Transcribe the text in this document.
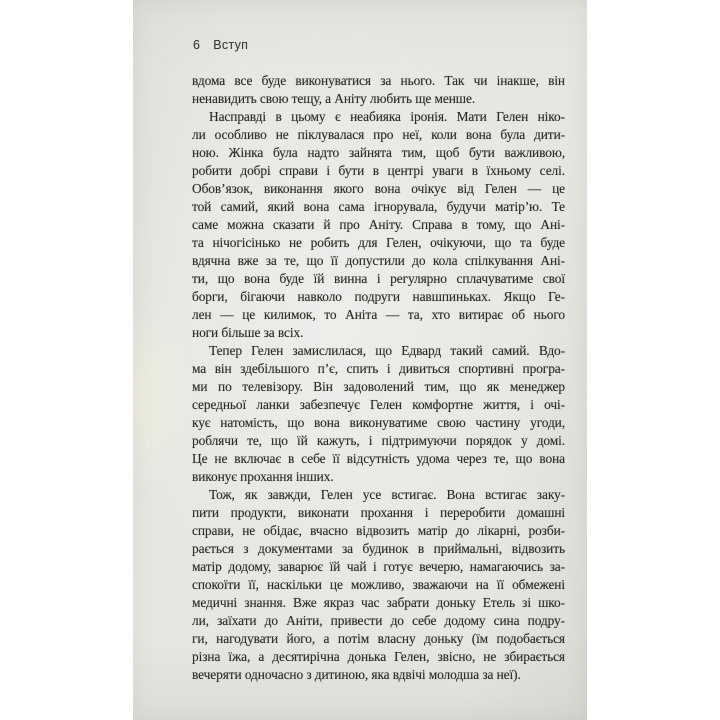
6 Вступ
вдома все буде виконуватися за нього. Так чи інакше, він
ненавидить свою тещу, а Аніту любить ще менше.
Насправді в цьому є неабияка іронія. Мати Гелен ніко-
ли особливо не піклувалася про неї, коли вона була дити-
ною. Жінка була надто зайнята тим, щоб бути важливою,
робити добрі справи і бути в центрі уваги в їхньому селі.
Обов’язок, виконання якого вона очікує від Гелен — це
той самий, який вона сама ігнорувала, будучи матір’ю. Те
саме можна сказати й про Аніту. Справа в тому, що Ані-
та нічогісінько не робить для Гелен, очікуючи, що та буде
вдячна вже за те, що її допустили до кола спілкування Ані-
ти, що вона буде їй винна і регулярно сплачуватиме свої
борги, бігаючи навколо подруги навшпиньках. Якщо Ге-
лен — це килимок, то Аніта — та, хто витирає об нього
ноги більше за всіх.
Тепер Гелен замислилася, що Едвард такий самий. Вдо-
ма він здебільшого п’є, спить і дивиться спортивні програ-
ми по телевізору. Він задоволений тим, що як менеджер
середньої ланки забезпечує Гелен комфортне життя, і очі-
кує натомість, що вона виконуватиме свою частину угоди,
роблячи те, що їй кажуть, і підтримуючи порядок у домі.
Це не включає в себе її відсутність удома через те, що вона
виконує прохання інших.
Тож, як завжди, Гелен усе встигає. Вона встигає заку-
пити продукти, виконати прохання і переробити домашні
справи, не обідає, вчасно відвозить матір до лікарні, розби-
рається з документами за будинок в приймальні, відвозить
матір додому, заварює їй чай і готує вечерю, намагаючись за-
спокоїти її, наскільки це можливо, зважаючи на її обмежені
медичні знання. Вже якраз час забрати доньку Етель зі шко-
ли, заїхати до Аніти, привести до себе додому сина подру-
ги, нагодувати його, а потім власну доньку (їм подобається
різна їжа, а десятирічна донька Гелен, звісно, не збирається
вечеряти одночасно з дитиною, яка вдвічі молодша за неї).
